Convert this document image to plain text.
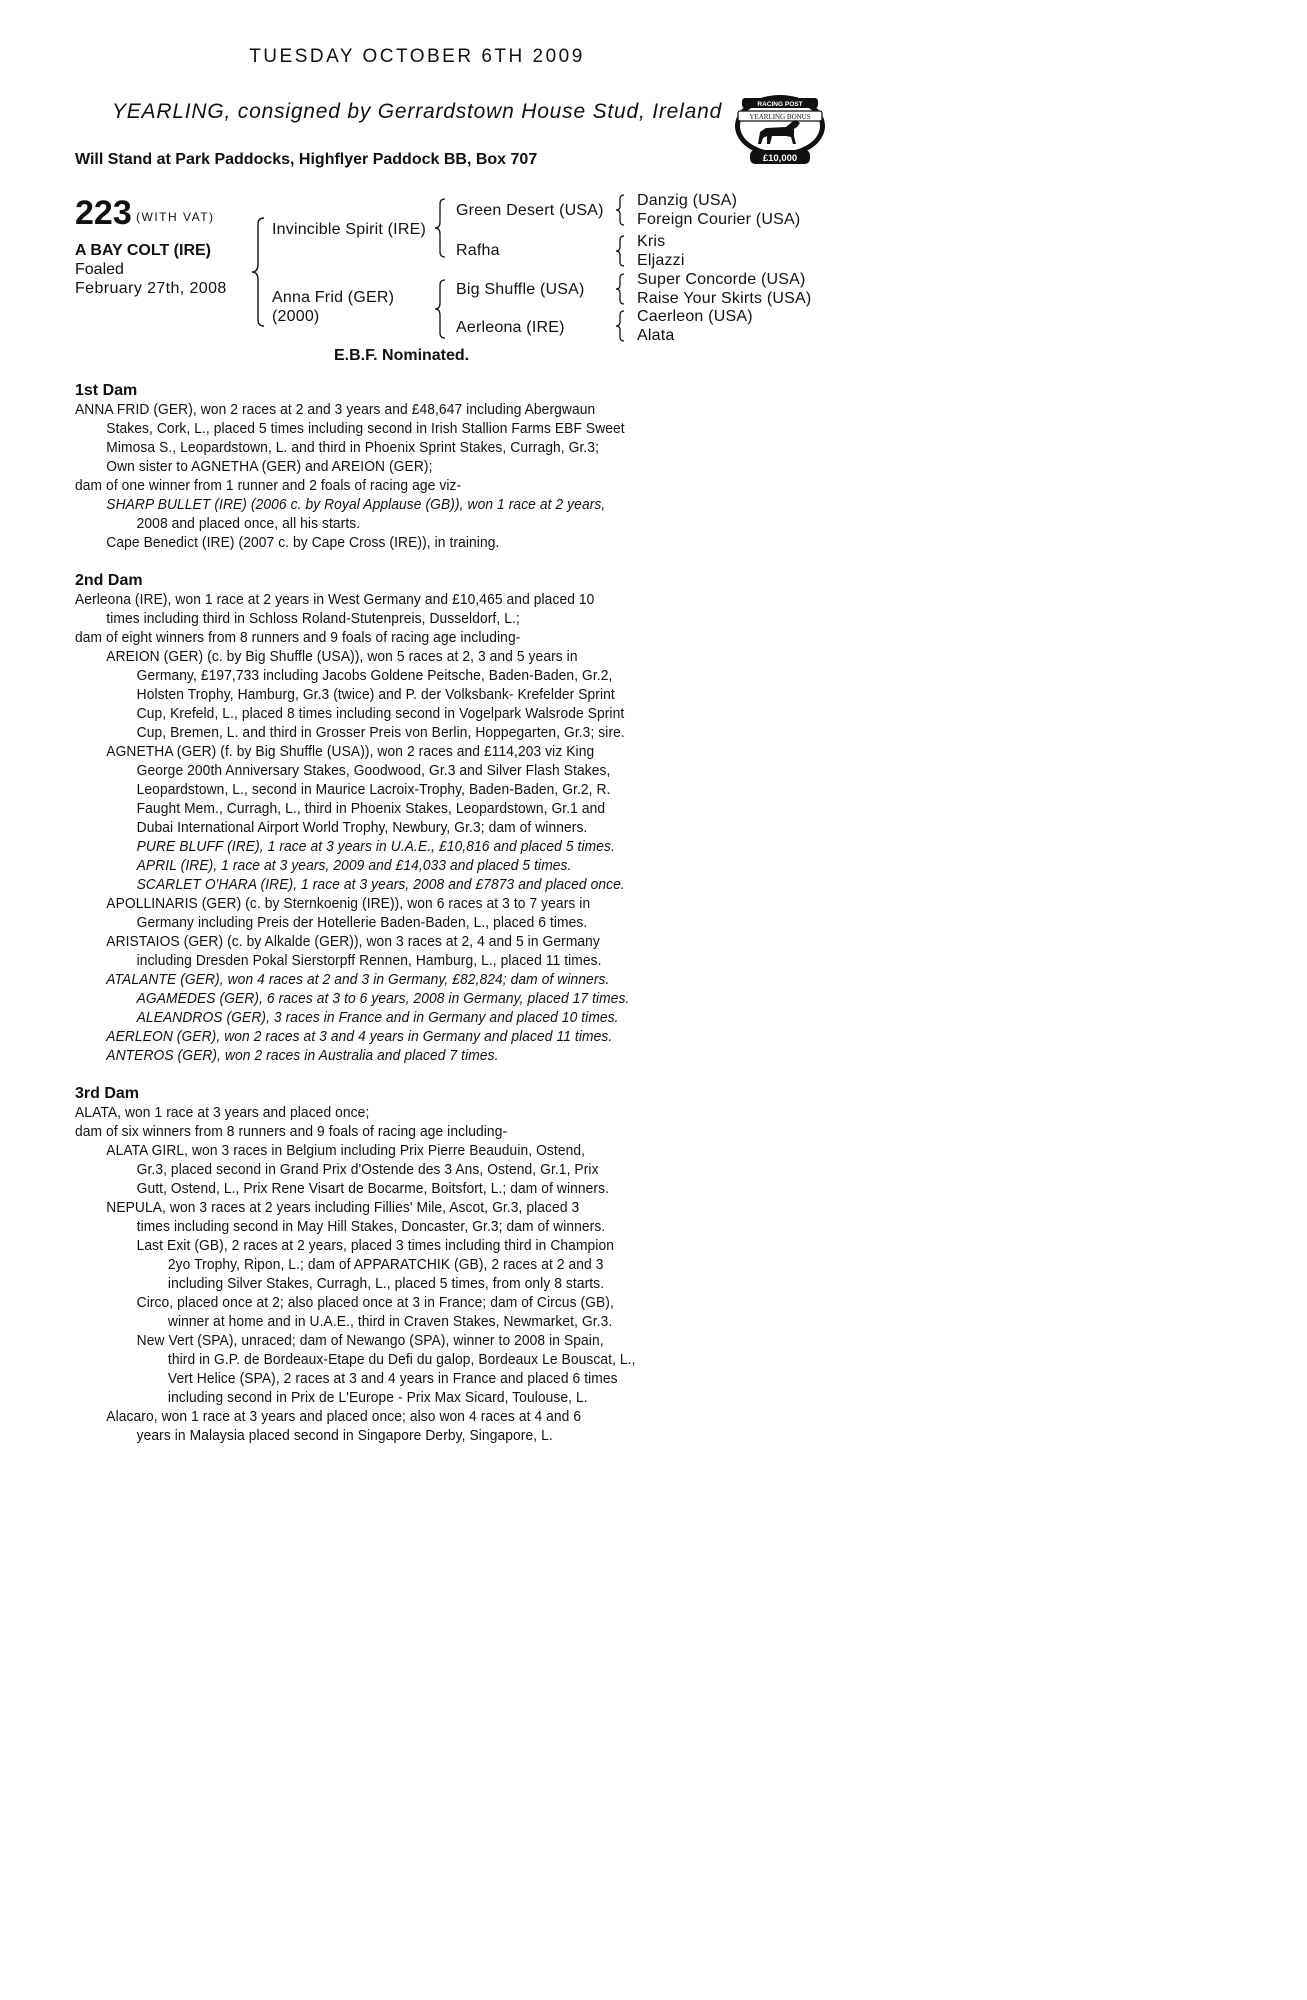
TUESDAY OCTOBER 6TH 2009
YEARLING, consigned by Gerrardstown House Stud, Ireland
Will Stand at Park Paddocks, Highflyer Paddock BB, Box 707
RACING POST
YEARLING BONUS
£10,000
223 (WITH VAT)
A BAY COLT (IRE)
Foaled
February 27th, 2008
Invincible Spirit (IRE)
Anna Frid (GER)
(2000)
Green Desert (USA)
Rafha
Big Shuffle (USA)
Aerleona (IRE)
Danzig (USA)
Foreign Courier (USA)
Kris
Eljazzi
Super Concorde (USA)
Raise Your Skirts (USA)
Caerleon (USA)
Alata
E.B.F. Nominated.
1st Dam
ANNA FRID (GER), won 2 races at 2 and 3 years and £48,647 including Abergwaun
Stakes, Cork, L., placed 5 times including second in Irish Stallion Farms EBF Sweet
Mimosa S., Leopardstown, L. and third in Phoenix Sprint Stakes, Curragh, Gr.3;
Own sister to AGNETHA (GER) and AREION (GER);
dam of one winner from 1 runner and 2 foals of racing age viz-
SHARP BULLET (IRE) (2006 c. by Royal Applause (GB)), won 1 race at 2 years,
2008 and placed once, all his starts.
Cape Benedict (IRE) (2007 c. by Cape Cross (IRE)), in training.
2nd Dam
Aerleona (IRE), won 1 race at 2 years in West Germany and £10,465 and placed 10
times including third in Schloss Roland-Stutenpreis, Dusseldorf, L.;
dam of eight winners from 8 runners and 9 foals of racing age including-
AREION (GER) (c. by Big Shuffle (USA)), won 5 races at 2, 3 and 5 years in
Germany, £197,733 including Jacobs Goldene Peitsche, Baden-Baden, Gr.2,
Holsten Trophy, Hamburg, Gr.3 (twice) and P. der Volksbank- Krefelder Sprint
Cup, Krefeld, L., placed 8 times including second in Vogelpark Walsrode Sprint
Cup, Bremen, L. and third in Grosser Preis von Berlin, Hoppegarten, Gr.3; sire.
AGNETHA (GER) (f. by Big Shuffle (USA)), won 2 races and £114,203 viz King
George 200th Anniversary Stakes, Goodwood, Gr.3 and Silver Flash Stakes,
Leopardstown, L., second in Maurice Lacroix-Trophy, Baden-Baden, Gr.2, R.
Faught Mem., Curragh, L., third in Phoenix Stakes, Leopardstown, Gr.1 and
Dubai International Airport World Trophy, Newbury, Gr.3; dam of winners.
PURE BLUFF (IRE), 1 race at 3 years in U.A.E., £10,816 and placed 5 times.
APRIL (IRE), 1 race at 3 years, 2009 and £14,033 and placed 5 times.
SCARLET O'HARA (IRE), 1 race at 3 years, 2008 and £7873 and placed once.
APOLLINARIS (GER) (c. by Sternkoenig (IRE)), won 6 races at 3 to 7 years in
Germany including Preis der Hotellerie Baden-Baden, L., placed 6 times.
ARISTAIOS (GER) (c. by Alkalde (GER)), won 3 races at 2, 4 and 5 in Germany
including Dresden Pokal Sierstorpff Rennen, Hamburg, L., placed 11 times.
ATALANTE (GER), won 4 races at 2 and 3 in Germany, £82,824; dam of winners.
AGAMEDES (GER), 6 races at 3 to 6 years, 2008 in Germany, placed 17 times.
ALEANDROS (GER), 3 races in France and in Germany and placed 10 times.
AERLEON (GER), won 2 races at 3 and 4 years in Germany and placed 11 times.
ANTEROS (GER), won 2 races in Australia and placed 7 times.
3rd Dam
ALATA, won 1 race at 3 years and placed once;
dam of six winners from 8 runners and 9 foals of racing age including-
ALATA GIRL, won 3 races in Belgium including Prix Pierre Beauduin, Ostend,
Gr.3, placed second in Grand Prix d'Ostende des 3 Ans, Ostend, Gr.1, Prix
Gutt, Ostend, L., Prix Rene Visart de Bocarme, Boitsfort, L.; dam of winners.
NEPULA, won 3 races at 2 years including Fillies' Mile, Ascot, Gr.3, placed 3
times including second in May Hill Stakes, Doncaster, Gr.3; dam of winners.
Last Exit (GB), 2 races at 2 years, placed 3 times including third in Champion
2yo Trophy, Ripon, L.; dam of APPARATCHIK (GB), 2 races at 2 and 3
including Silver Stakes, Curragh, L., placed 5 times, from only 8 starts.
Circo, placed once at 2; also placed once at 3 in France; dam of Circus (GB),
winner at home and in U.A.E., third in Craven Stakes, Newmarket, Gr.3.
New Vert (SPA), unraced; dam of Newango (SPA), winner to 2008 in Spain,
third in G.P. de Bordeaux-Etape du Defi du galop, Bordeaux Le Bouscat, L.,
Vert Helice (SPA), 2 races at 3 and 4 years in France and placed 6 times
including second in Prix de L'Europe - Prix Max Sicard, Toulouse, L.
Alacaro, won 1 race at 3 years and placed once; also won 4 races at 4 and 6
years in Malaysia placed second in Singapore Derby, Singapore, L.
